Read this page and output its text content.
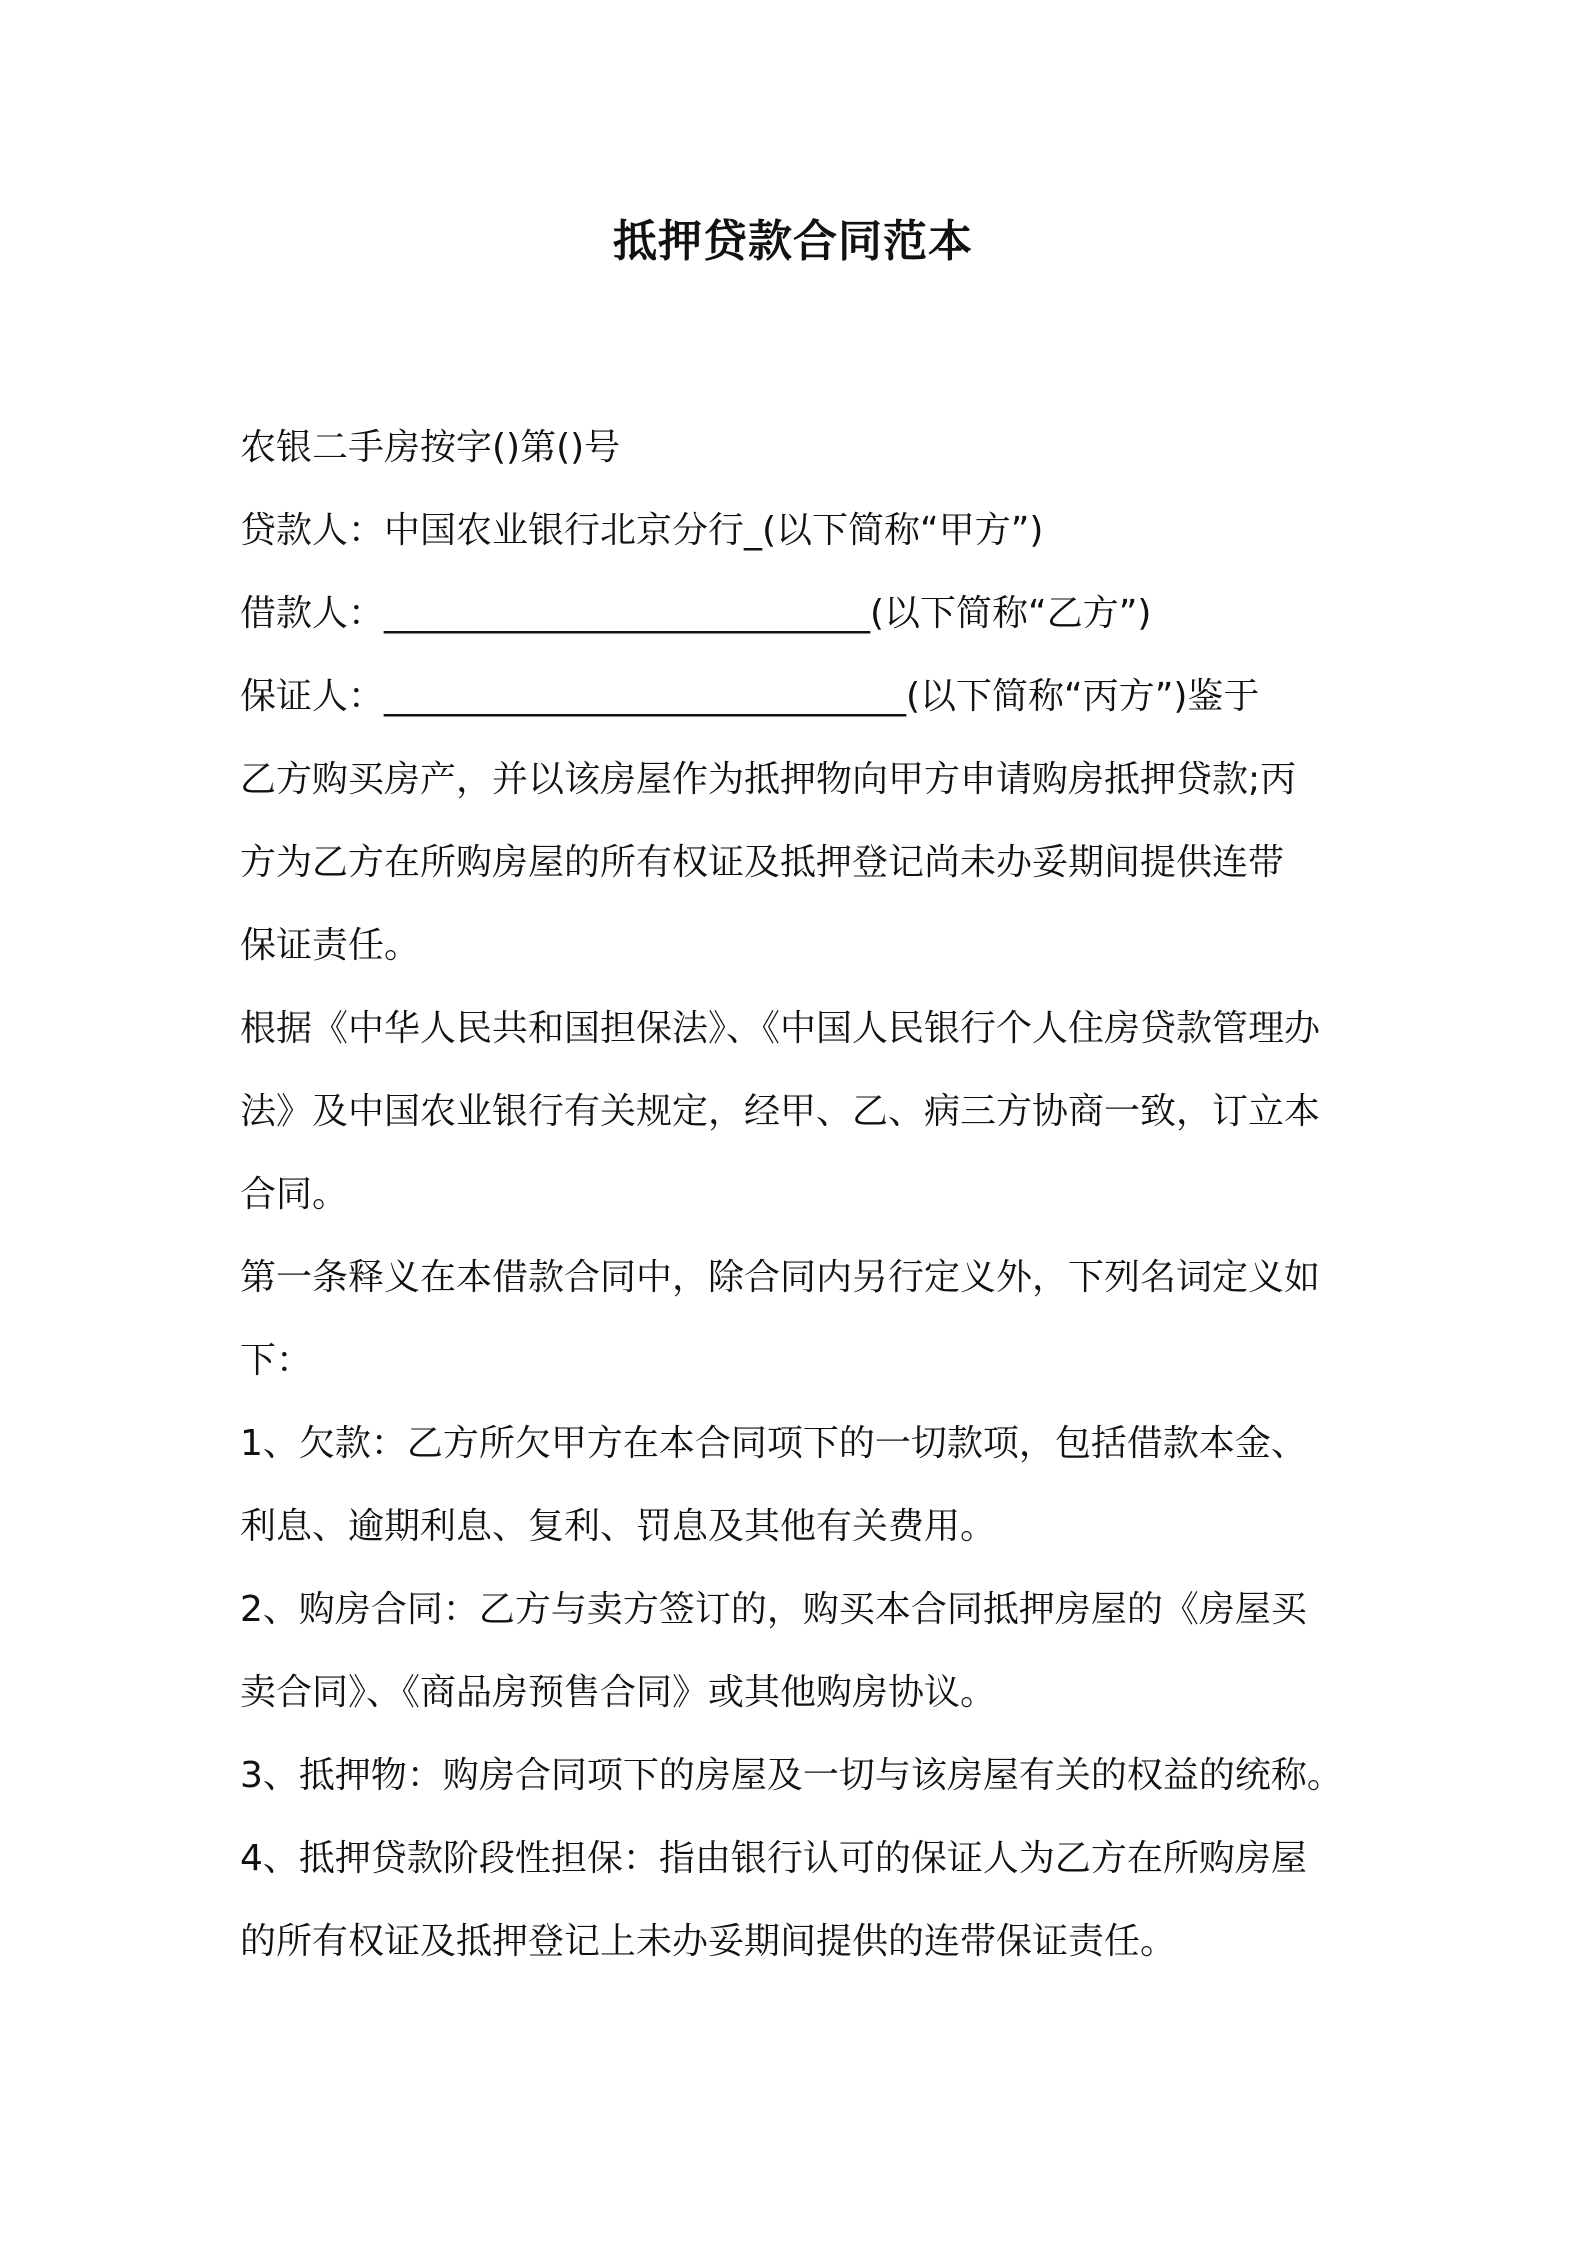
抵押贷款合同范本
农银二手房按字()第()号
贷款人：中国农业银行北京分行_(以下简称“甲方”)
借款人：___________________________(以下简称“乙方”)
保证人：_____________________________(以下简称“丙方”)鉴于
乙方购买房产，并以该房屋作为抵押物向甲方申请购房抵押贷款;丙
方为乙方在所购房屋的所有权证及抵押登记尚未办妥期间提供连带
保证责任。
根据《中华人民共和国担保法》、《中国人民银行个人住房贷款管理办
法》及中国农业银行有关规定，经甲、乙、病三方协商一致，订立本
合同。
第一条释义在本借款合同中，除合同内另行定义外，下列名词定义如
下：
1、欠款：乙方所欠甲方在本合同项下的一切款项，包括借款本金、
利息、逾期利息、复利、罚息及其他有关费用。
2、购房合同：乙方与卖方签订的，购买本合同抵押房屋的《房屋买
卖合同》、《商品房预售合同》或其他购房协议。
3、抵押物：购房合同项下的房屋及一切与该房屋有关的权益的统称。
4、抵押贷款阶段性担保：指由银行认可的保证人为乙方在所购房屋
的所有权证及抵押登记上未办妥期间提供的连带保证责任。
